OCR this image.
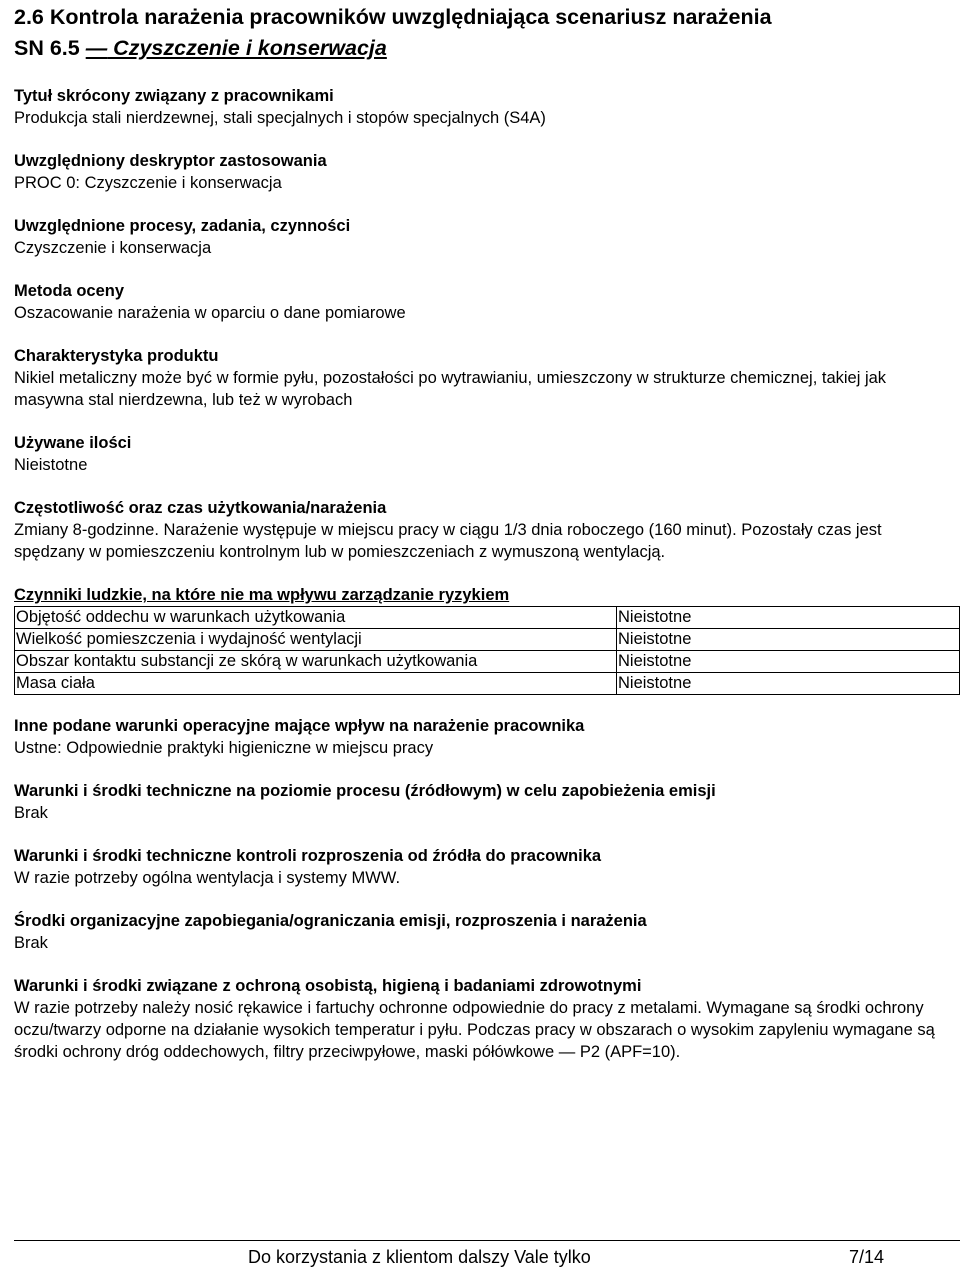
2.6 Kontrola narażenia pracowników uwzględniająca scenariusz narażenia
SN 6.5 — Czyszczenie i konserwacja
Tytuł skrócony związany z pracownikami
Produkcja stali nierdzewnej, stali specjalnych i stopów specjalnych (S4A)
Uwzględniony deskryptor zastosowania
PROC 0: Czyszczenie i konserwacja
Uwzględnione procesy, zadania, czynności
Czyszczenie i konserwacja
Metoda oceny
Oszacowanie narażenia w oparciu o dane pomiarowe
Charakterystyka produktu
Nikiel metaliczny może być w formie pyłu, pozostałości po wytrawianiu, umieszczony w strukturze chemicznej, takiej jak masywna stal nierdzewna, lub też w wyrobach
Używane ilości
Nieistotne
Częstotliwość oraz czas użytkowania/narażenia
Zmiany 8-godzinne. Narażenie występuje w miejscu pracy w ciągu 1/3 dnia roboczego (160 minut). Pozostały czas jest spędzany w pomieszczeniu kontrolnym lub w pomieszczeniach z wymuszoną wentylacją.
Czynniki ludzkie, na które nie ma wpływu zarządzanie ryzykiem
Objętość oddechu w warunkach użytkowania	Nieistotne
Wielkość pomieszczenia i wydajność wentylacji	Nieistotne
Obszar kontaktu substancji ze skórą w warunkach użytkowania	Nieistotne
Masa ciała	Nieistotne
Inne podane warunki operacyjne mające wpływ na narażenie pracownika
Ustne: Odpowiednie praktyki higieniczne w miejscu pracy
Warunki i środki techniczne na poziomie procesu (źródłowym) w celu zapobieżenia emisji
Brak
Warunki i środki techniczne kontroli rozproszenia od źródła do pracownika
W razie potrzeby ogólna wentylacja i systemy MWW.
Środki organizacyjne zapobiegania/ograniczania emisji, rozproszenia i narażenia
Brak
Warunki i środki związane z ochroną osobistą, higieną i badaniami zdrowotnymi
W razie potrzeby należy nosić rękawice i fartuchy ochronne odpowiednie do pracy z metalami. Wymagane są środki ochrony oczu/twarzy odporne na działanie wysokich temperatur i pyłu. Podczas pracy w obszarach o wysokim zapyleniu wymagane są środki ochrony dróg oddechowych, filtry przeciwpyłowe, maski półówkowe — P2 (APF=10).
Do korzystania z klientom dalszy Vale tylko	7/14
